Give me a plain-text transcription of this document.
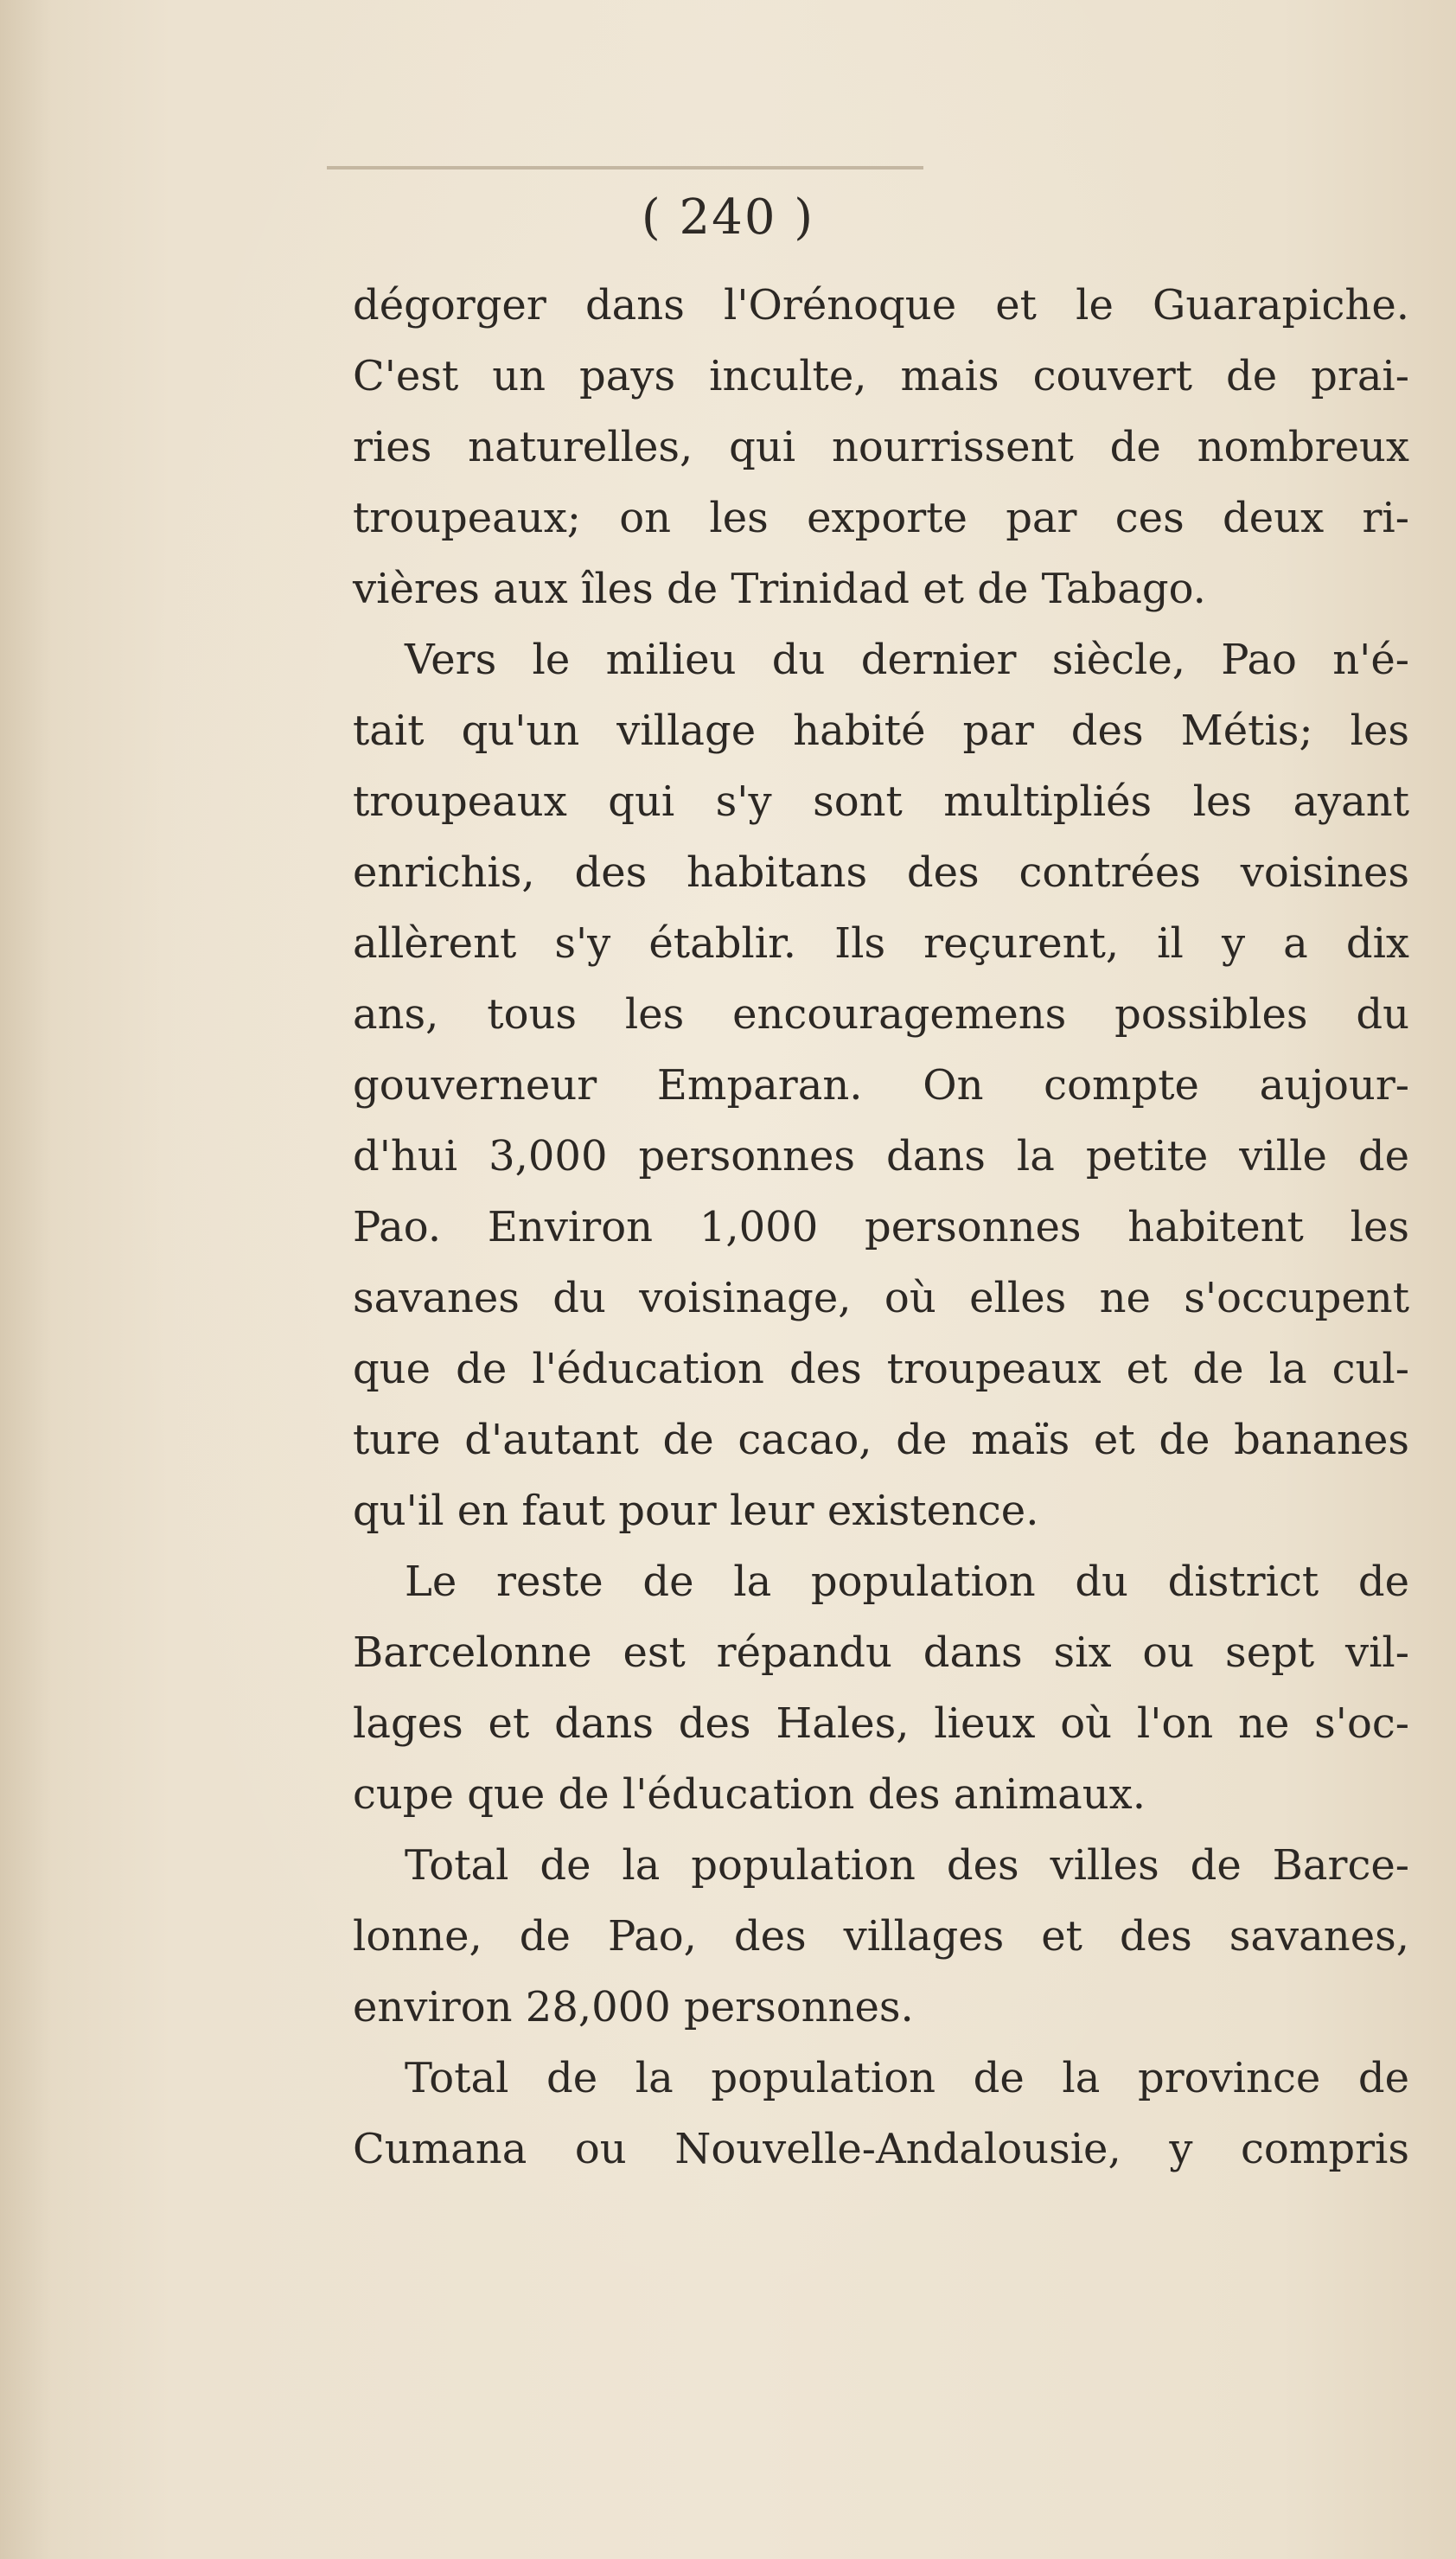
( 240 )
dégorger dans l'Orénoque et le Guarapiche.
C'est un pays inculte, mais couvert de prai-
ries naturelles, qui nourrissent de nombreux
troupeaux; on les exporte par ces deux ri-
vières aux îles de Trinidad et de Tabago.
Vers le milieu du dernier siècle, Pao n'é-
tait qu'un village habité par des Métis; les
troupeaux qui s'y sont multipliés les ayant
enrichis, des habitans des contrées voisines
allèrent s'y établir. Ils reçurent, il y a dix
ans, tous les encouragemens possibles du
gouverneur Emparan. On compte aujour-
d'hui 3,000 personnes dans la petite ville de
Pao. Environ 1,000 personnes habitent les
savanes du voisinage, où elles ne s'occupent
que de l'éducation des troupeaux et de la cul-
ture d'autant de cacao, de maïs et de bananes
qu'il en faut pour leur existence.
Le reste de la population du district de
Barcelonne est répandu dans six ou sept vil-
lages et dans des Hales, lieux où l'on ne s'oc-
cupe que de l'éducation des animaux.
Total de la population des villes de Barce-
lonne, de Pao, des villages et des savanes,
environ 28,000 personnes.
Total de la population de la province de
Cumana ou Nouvelle-Andalousie, y compris
